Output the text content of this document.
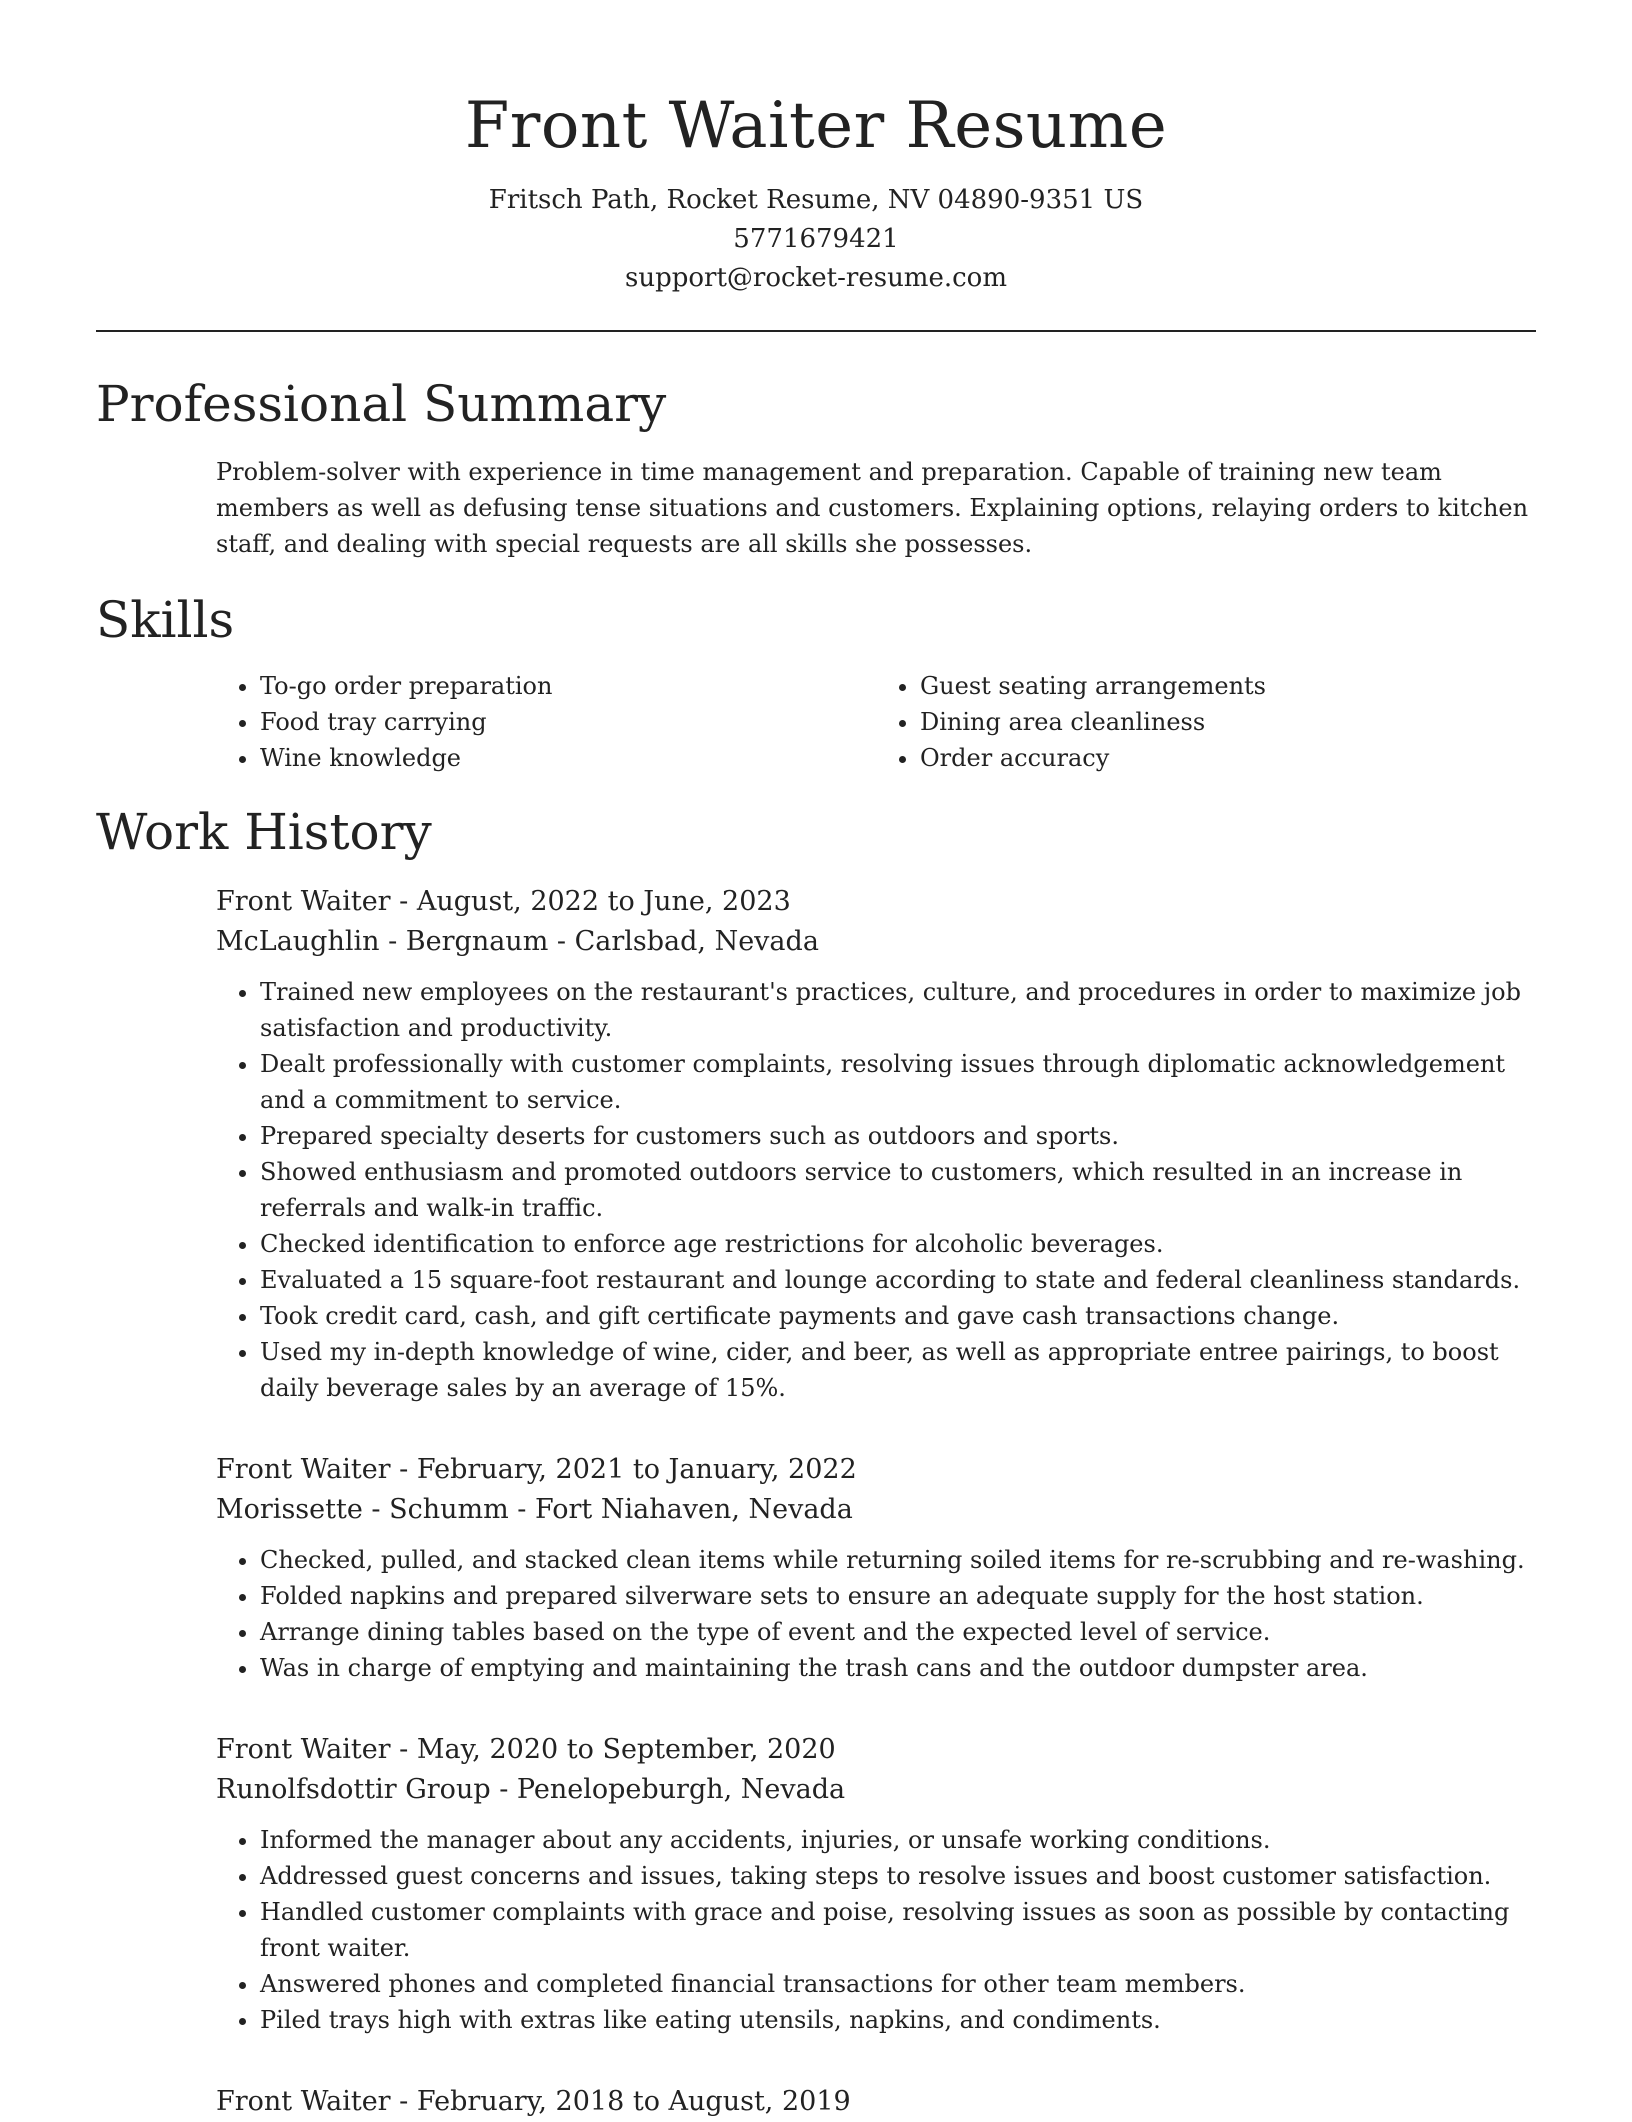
Front Waiter Resume
Fritsch Path, Rocket Resume, NV 04890-9351 US
5771679421
support@rocket-resume.com
Professional Summary

Problem-solver with experience in time management and preparation. Capable of training new team members as well as defusing tense situations and customers. Explaining options, relaying orders to kitchen staff, and dealing with special requests are all skills she possesses.

Skills
• To-go order preparation
• Food tray carrying
• Wine knowledge
• Guest seating arrangements
• Dining area cleanliness
• Order accuracy
Work History
Front Waiter - August, 2022 to June, 2023
McLaughlin - Bergnaum - Carlsbad, Nevada
• Trained new employees on the restaurant's practices, culture, and procedures in order to maximize job satisfaction and productivity.
• Dealt professionally with customer complaints, resolving issues through diplomatic acknowledgement and a commitment to service.
• Prepared specialty deserts for customers such as outdoors and sports.
• Showed enthusiasm and promoted outdoors service to customers, which resulted in an increase in referrals and walk-in traffic.
• Checked identification to enforce age restrictions for alcoholic beverages.
• Evaluated a 15 square-foot restaurant and lounge according to state and federal cleanliness standards.
• Took credit card, cash, and gift certificate payments and gave cash transactions change.
• Used my in-depth knowledge of wine, cider, and beer, as well as appropriate entree pairings, to boost daily beverage sales by an average of 15%.
Front Waiter - February, 2021 to January, 2022
Morissette - Schumm - Fort Niahaven, Nevada
• Checked, pulled, and stacked clean items while returning soiled items for re-scrubbing and re-washing.
• Folded napkins and prepared silverware sets to ensure an adequate supply for the host station.
• Arrange dining tables based on the type of event and the expected level of service.
• Was in charge of emptying and maintaining the trash cans and the outdoor dumpster area.
Front Waiter - May, 2020 to September, 2020
Runolfsdottir Group - Penelopeburgh, Nevada
• Informed the manager about any accidents, injuries, or unsafe working conditions.
• Addressed guest concerns and issues, taking steps to resolve issues and boost customer satisfaction.
• Handled customer complaints with grace and poise, resolving issues as soon as possible by contacting front waiter.
• Answered phones and completed financial transactions for other team members.
• Piled trays high with extras like eating utensils, napkins, and condiments.
Front Waiter - February, 2018 to August, 2019
